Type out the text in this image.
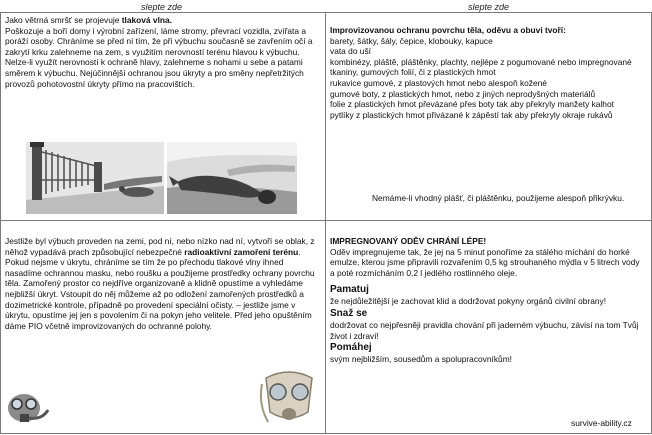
slepte zde	slepte zde

Jako větrná smršť se projevuje tlaková vlna.
Poškozuje a boří domy i výrobní zařízení, láme stromy, převrací vozidla, zvířata a poráží osoby. Chráníme se před ní tím, že při výbuchu současně se zavřením očí a zakrytí krku zalehneme na zem, s využitím nerovností terénu hlavou k výbuchu. Nelze-li využít nerovností k ochraně hlavy, zalehneme s nohami u sebe a patami směrem k výbuchu. Nejúčinnější ochranou jsou úkryty a pro směny nepřetržitých provozů pohotovostní úkryty přímo na pracovištích.

Improvizovanou ochranu povrchu těla, oděvu a obuvi tvoří:

barety, šátky, šály, čepice, klobouky, kapuce

vata do uší

kombinézy, pláště, pláštěnky, plachty, nejlépe z pogumované nebo impregnované tkaniny, gumových folií, či z plastických hmot

rukavice gumové, z plastových hmot nebo alespoň kožené

gumové boty, z plastických hmot, nebo z jiných neprodyšných materiálů

folie z plastických hmot převázané přes boty tak aby překryly manžety kalhot

pytlíky z plastických hmot přivázané k zápěstí tak aby překryly okraje rukávů

Nemáme-li vhodný plášť, či pláštěnku, použijeme alespoň přikrývku.

Jestliže byl výbuch proveden na zemi, pod ní, nebo nízko nad ní, vytvoří se oblak, z něhož vypadává prach způsobující nebezpečné radioaktivní zamoření terénu. Pokud nejsme v úkrytu, chráníme se tím že po přechodu tlakové vlny ihned nasadíme ochrannou masku, nebo roušku a použijeme prostředky ochrany povrchu těla. Zamořený prostor co nejdříve organizovaně a klidně opustíme a vyhledáme nejbližší úkryt. Vstoupit do něj můžeme až po odložení zamořených prostředků a dozimetrické kontrole, případně po provedení speciální očisty. – jestliže jsme v úkrytu, opustíme jej jen s povolením či na pokyn jeho velitele. Před jeho opuštěním dáme PIO včetně improvizovaných do ochranné polohy.

IMPREGNOVANÝ ODĚV CHRÁNÍ LÉPE!

Oděv impregnujeme tak, že jej na 5 minut ponoříme za stálého míchání do horké emulze, kterou jsme připravili rozvařením 0,5 kg strouhaného mýdla v 5 litrech vody a poté rozmícháním 0,2 l jedlého rostlinného oleje.

Pamatuj

že nejdůležitější je zachovat klid a dodržovat pokyny orgánů civilní obrany!

Snaž se

dodržovat co nejpřesněji pravidla chování při jaderném výbuchu, závisí na tom Tvůj život i zdraví!

Pomáhej

svým nejbližším, sousedům a spolupracovníkům!

survive-ability.cz
